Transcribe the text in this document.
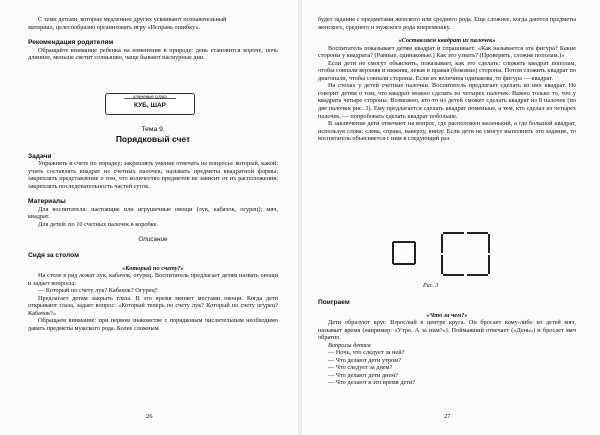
С теми детьми, которые медленнее других усваивают познавательный

материал, целесообразно организовать игру «Исправь ошибку».

Рекомендация родителям

Обращайте внимание ребенка на изменения в природе: день становится короче, ночь длиннее, меньше светит солнышко, чаще бывают пасмурные дни.

ключевые слова
КУБ, ШАР

Тема 9.

Порядковый счет

Задачи

Упражнять в счете по порядку; закреплять умение отвечать на вопросы: который, какой; учить составлять квадрат из счетных палочек; называть предметы квадратной формы; закреплять представление о том, что количество предметов не зависит от их расположения; закреплять последовательность частей суток.

Материалы

Для воспитателя: настоящие или игрушечные овощи (лук, кабачок, огурец); мяч, квадрат.

Для детей: по 10 счетных палочек в коробке.

Описание

Сидя за столом

«Который по счету?»

На столе в ряд лежат лук, кабачок, огурец. Воспитатель предлагает детям назвать овощи и задает вопросы:

— Который по счету лук? Кабачок? Огурец?

Предлагает детям закрыть глаза. В это время меняет местами овощи. Когда дети открывают глаза, задает вопрос: «Который теперь по счету лук? Который по счету огурец? Кабачок?»

Обращаем внимание: при первом знакомстве с порядковым числительным необходимо давать предметы мужского рода. Более сложным

26

будет задание с предметами женского или среднего рода. Еще сложнее, когда даются предметы женского, среднего и мужского рода вперемешку.

«Составляем квадрат из палочек»

Воспитатель показывает детям квадрат и спрашивает: «Как называется эта фигура? Какие стороны у квадрата? (Равные, одинаковые.) Как это узнать? (Проверить, сложив пополам.)»

Если дети не смогут объяснить, показывает, как это сделать: сложить квадрат пополам, чтобы совпали верхняя и нижняя, левая и правая (боковые) стороны. Потом сложить квадрат по диагонали, чтобы совпали стороны. Если их величина одинакова, то фигура — квадрат.

На столах у детей счетные палочки. Воспитатель предлагает сделать из них квадрат. Не говорит детям о том, что квадрат можно сделать из четырех палочек. Важно только то, что у квадрата четыре стороны. Возможно, кто-то из детей сможет сделать квадрат из 8 палочек (по две палочки рис. 3). Ему предлагается сделать квадрат поменьше, а тем, кто сделал из четырех палочек, — попробовать сделать квадрат побольше.

В заключение дети отвечают на вопрос, где расположен маленький, а где большой квадрат, используя слова: слева, справа, наверху, внизу. Если дети не смогут выполнить это задание, то воспитатель объясняется с ним в следующий раз.

Рис. 3

Поиграем

«Что за чем?»

Дети образуют круг. Взрослый в центре круга. Он бросает кому-либо из детей мяч, называет время (например: «Утро. А за ним?»). Поймавший отвечает («День») и бросает мяч обратно.

Вопросы детям

— Ночь, что следует за ней?

— Что делают дети утром?

— Что следует за днем?

— Что делают дети днем?

— Что делают в это время дети?

27
